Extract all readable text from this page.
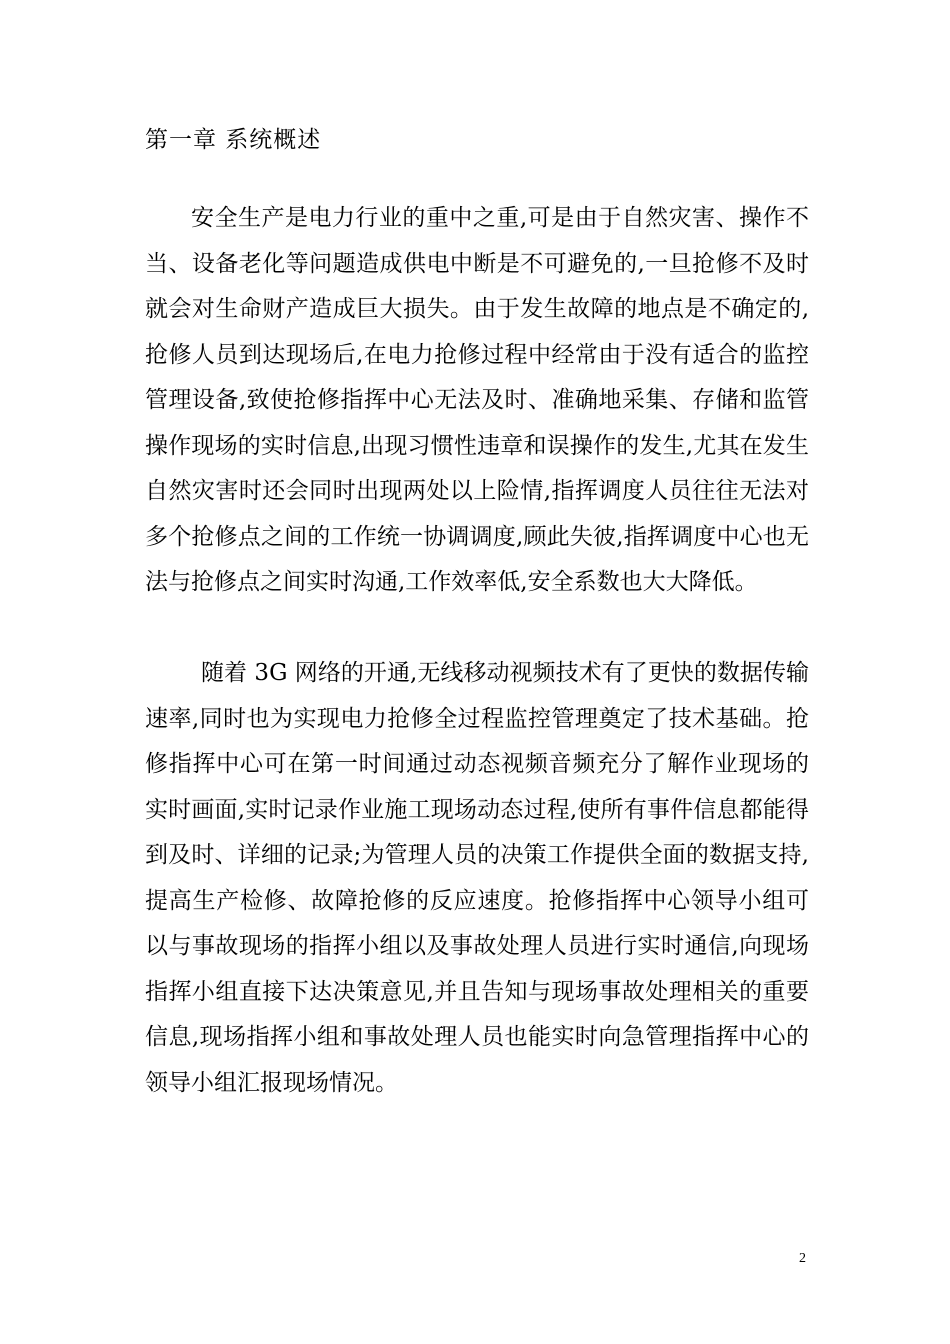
第一章 系统概述

安全生产是电力行业的重中之重,可是由于自然灾害、操作不当、设备老化等问题造成供电中断是不可避免的,一旦抢修不及时就会对生命财产造成巨大损失。由于发生故障的地点是不确定的,抢修人员到达现场后,在电力抢修过程中经常由于没有适合的监控管理设备,致使抢修指挥中心无法及时、准确地采集、存储和监管操作现场的实时信息,出现习惯性违章和误操作的发生,尤其在发生自然灾害时还会同时出现两处以上险情,指挥调度人员往往无法对多个抢修点之间的工作统一协调调度,顾此失彼,指挥调度中心也无法与抢修点之间实时沟通,工作效率低,安全系数也大大降低。

随着 3G 网络的开通,无线移动视频技术有了更快的数据传输速率,同时也为实现电力抢修全过程监控管理奠定了技术基础。抢修指挥中心可在第一时间通过动态视频音频充分了解作业现场的实时画面,实时记录作业施工现场动态过程,使所有事件信息都能得到及时、详细的记录;为管理人员的决策工作提供全面的数据支持,提高生产检修、故障抢修的反应速度。抢修指挥中心领导小组可以与事故现场的指挥小组以及事故处理人员进行实时通信,向现场指挥小组直接下达决策意见,并且告知与现场事故处理相关的重要信息,现场指挥小组和事故处理人员也能实时向急管理指挥中心的领导小组汇报现场情况。

2
